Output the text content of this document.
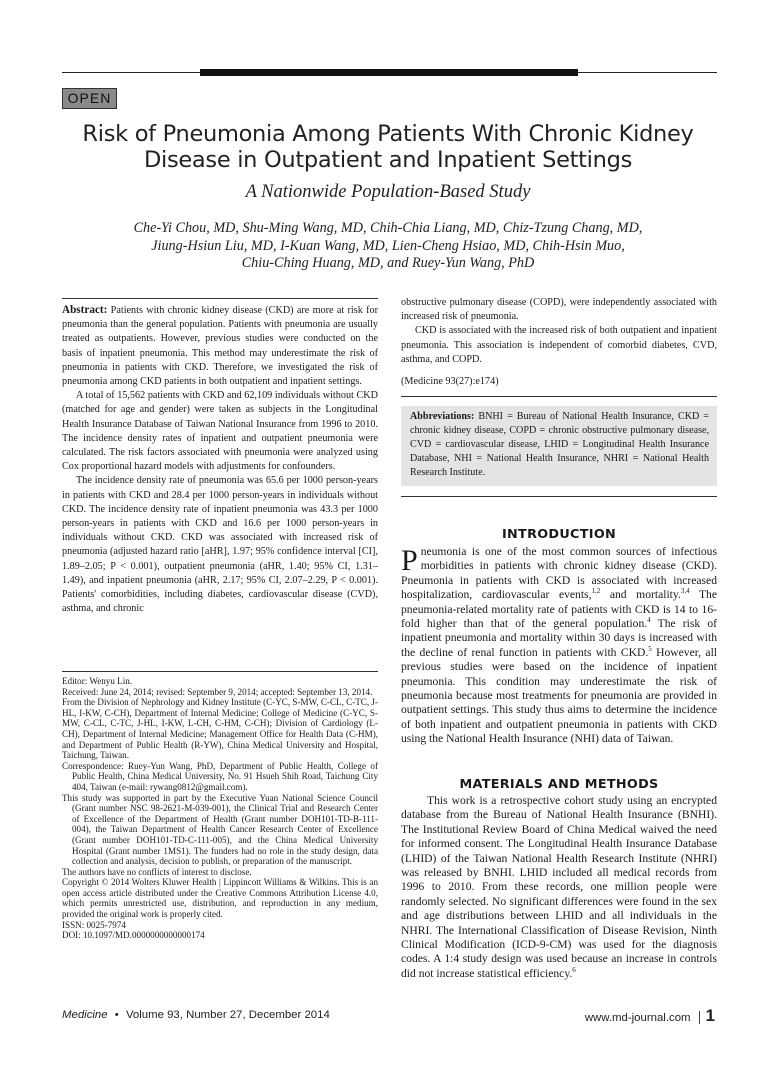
OPEN
Risk of Pneumonia Among Patients With Chronic Kidney
Disease in Outpatient and Inpatient Settings
A Nationwide Population-Based Study
Che-Yi Chou, MD, Shu-Ming Wang, MD, Chih-Chia Liang, MD, Chiz-Tzung Chang, MD,
Jiung-Hsiun Liu, MD, I-Kuan Wang, MD, Lien-Cheng Hsiao, MD, Chih-Hsin Muo,
Chiu-Ching Huang, MD, and Ruey-Yun Wang, PhD

Abstract: Patients with chronic kidney disease (CKD) are more at risk for pneumonia than the general population. Patients with pneumonia are usually treated as outpatients. However, previous studies were conducted on the basis of inpatient pneumonia. This method may underestimate the risk of pneumonia in patients with CKD. Therefore, we investigated the risk of pneumonia among CKD patients in both outpatient and inpatient settings.

A total of 15,562 patients with CKD and 62,109 individuals without CKD (matched for age and gender) were taken as subjects in the Longitudinal Health Insurance Database of Taiwan National Insurance from 1996 to 2010. The incidence density rates of inpatient and outpatient pneumonia were calculated. The risk factors associated with pneumonia were analyzed using Cox proportional hazard models with adjustments for confounders.

The incidence density rate of pneumonia was 65.6 per 1000 person-years in patients with CKD and 28.4 per 1000 person-years in individuals without CKD. The incidence density rate of inpatient pneumonia was 43.3 per 1000 person-years in patients with CKD and 16.6 per 1000 person-years in individuals without CKD. CKD was associated with increased risk of pneumonia (adjusted hazard ratio [aHR], 1.97; 95% confidence interval [CI], 1.89–2.05; P < 0.001), outpatient pneumonia (aHR, 1.40; 95% CI, 1.31–1.49), and inpatient pneumonia (aHR, 2.17; 95% CI, 2.07–2.29, P < 0.001). Patients' comorbidities, including diabetes, cardiovascular disease (CVD), asthma, and chronic

Editor: Wenyu Lin.

Received: June 24, 2014; revised: September 9, 2014; accepted: September 13, 2014.

From the Division of Nephrology and Kidney Institute (C-YC, S-MW, C-CL, C-TC, J-HL, I-KW, C-CH), Department of Internal Medicine; College of Medicine (C-YC, S-MW, C-CL, C-TC, J-HL, I-KW, L-CH, C-HM, C-CH); Division of Cardiology (L-CH), Department of Internal Medicine; Management Office for Health Data (C-HM), and Department of Public Health (R-YW), China Medical University and Hospital, Taichung, Taiwan.

Correspondence: Ruey-Yun Wang, PhD, Department of Public Health, College of Public Health, China Medical University, No. 91 Hsueh Shih Road, Taichung City 404, Taiwan (e-mail: rywang0812@gmail.com).

This study was supported in part by the Executive Yuan National Science Council (Grant number NSC 98-2621-M-039-001), the Clinical Trial and Research Center of Excellence of the Department of Health (Grant number DOH101-TD-B-111-004), the Taiwan Department of Health Cancer Research Center of Excellence (Grant number DOH101-TD-C-111-005), and the China Medical University Hospital (Grant number 1MS1). The funders had no role in the study design, data collection and analysis, decision to publish, or preparation of the manuscript.

The authors have no conflicts of interest to disclose.

Copyright © 2014 Wolters Kluwer Health | Lippincott Williams & Wilkins. This is an open access article distributed under the Creative Commons Attribution License 4.0, which permits unrestricted use, distribution, and reproduction in any medium, provided the original work is properly cited.

ISSN: 0025-7974

DOI: 10.1097/MD.0000000000000174

obstructive pulmonary disease (COPD), were independently associated with increased risk of pneumonia.

CKD is associated with the increased risk of both outpatient and inpatient pneumonia. This association is independent of comorbid diabetes, CVD, asthma, and COPD.

(Medicine 93(27):e174)

Abbreviations: BNHI = Bureau of National Health Insurance, CKD = chronic kidney disease, COPD = chronic obstructive pulmonary disease, CVD = cardiovascular disease, LHID = Longitudinal Health Insurance Database, NHI = National Health Insurance, NHRI = National Health Research Institute.

INTRODUCTION

Pneumonia is one of the most common sources of infectious morbidities in patients with chronic kidney disease (CKD). Pneumonia in patients with CKD is associated with increased hospitalization, cardiovascular events,$^{1,2}$ and mortality.$^{3,4}$ The pneumonia-related mortality rate of patients with CKD is 14 to 16-fold higher than that of the general population.$^4$ The risk of inpatient pneumonia and mortality within 30 days is increased with the decline of renal function in patients with CKD.$^5$ However, all previous studies were based on the incidence of inpatient pneumonia. This condition may underestimate the risk of pneumonia because most treatments for pneumonia are provided in outpatient settings. This study thus aims to determine the incidence of both inpatient and outpatient pneumonia in patients with CKD using the National Health Insurance (NHI) data of Taiwan.

MATERIALS AND METHODS

This work is a retrospective cohort study using an encrypted database from the Bureau of National Health Insurance (BNHI). The Institutional Review Board of China Medical waived the need for informed consent. The Longitudinal Health Insurance Database (LHID) of the Taiwan National Health Research Institute (NHRI) was released by BNHI. LHID included all medical records from 1996 to 2010. From these records, one million people were randomly selected. No significant differences were found in the sex and age distributions between LHID and all individuals in the NHRI. The International Classification of Disease Revision, Ninth Clinical Modification (ICD-9-CM) was used for the diagnosis codes. A 1:4 study design was used because an increase in controls did not increase statistical efficiency.$^6$

Medicine • Volume 93, Number 27, December 2014	www.md-journal.com 1
